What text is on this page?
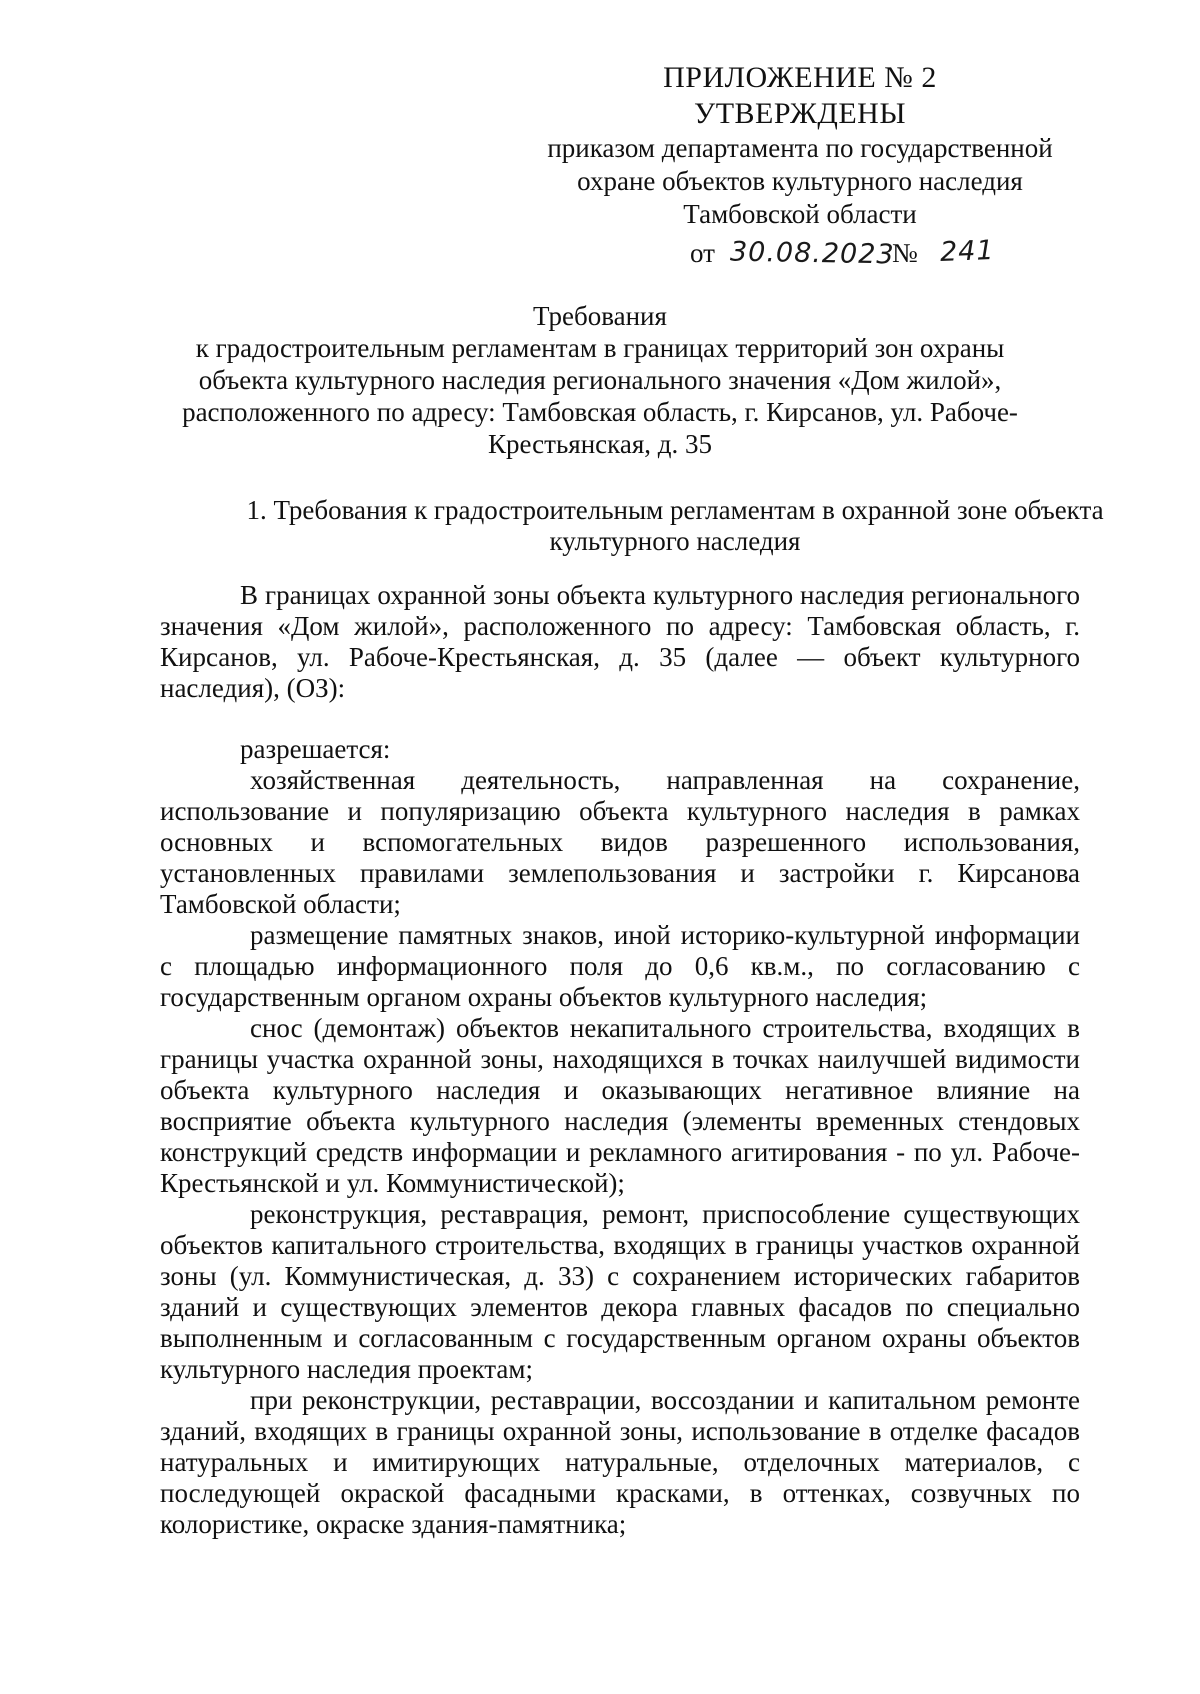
ПРИЛОЖЕНИЕ № 2
УТВЕРЖДЕНЫ
приказом департамента по государственной
охране объектов культурного наследия
Тамбовской области
от 30.08.2023
№ 241
Требования
к градостроительным регламентам в границах территорий зон охраны объекта культурного наследия регионального значения «Дом жилой», расположенного по адресу: Тамбовская область, г. Кирсанов, ул. Рабоче-Крестьянская, д. 35
1. Требования к градостроительным регламентам в охранной зоне объекта культурного наследия

В границах охранной зоны объекта культурного наследия регионального значения «Дом жилой», расположенного по адресу: Тамбовская область, г. Кирсанов, ул. Рабоче-Крестьянская, д. 35 (далее — объект культурного наследия), (ОЗ):

разрешается:

хозяйственная деятельность, направленная на сохранение, использование и популяризацию объекта культурного наследия в рамках основных и вспомогательных видов разрешенного использования, установленных правилами землепользования и застройки г. Кирсанова Тамбовской области;

размещение памятных знаков, иной историко-культурной информации с площадью информационного поля до 0,6 кв.м., по согласованию с государственным органом охраны объектов культурного наследия;

снос (демонтаж) объектов некапитального строительства, входящих в границы участка охранной зоны, находящихся в точках наилучшей видимости объекта культурного наследия и оказывающих негативное влияние на восприятие объекта культурного наследия (элементы временных стендовых конструкций средств информации и рекламного агитирования - по ул. Рабоче-Крестьянской и ул. Коммунистической);

реконструкция, реставрация, ремонт, приспособление существующих объектов капитального строительства, входящих в границы участков охранной зоны (ул. Коммунистическая, д. 33) с сохранением исторических габаритов зданий и существующих элементов декора главных фасадов по специально выполненным и согласованным с государственным органом охраны объектов культурного наследия проектам;

при реконструкции, реставрации, воссоздании и капитальном ремонте зданий, входящих в границы охранной зоны, использование в отделке фасадов натуральных и имитирующих натуральные, отделочных материалов, с последующей окраской фасадными красками, в оттенках, созвучных по колористике, окраске здания-памятника;
